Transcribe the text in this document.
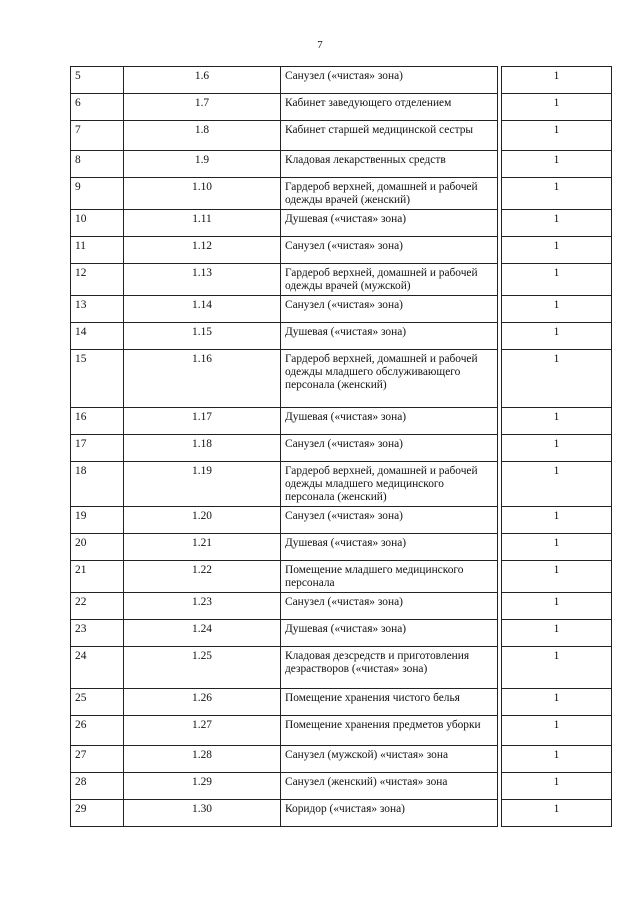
7
5	1.6	Санузел («чистая» зона)		1
6	1.7	Кабинет заведующего отделением		1
7	1.8	Кабинет старшей медицинской сестры		1
8	1.9	Кладовая лекарственных средств		1
9	1.10	Гардероб верхней, домашней и рабочей одежды врачей (женский)		1
10	1.11	Душевая («чистая» зона)		1
11	1.12	Санузел («чистая» зона)		1
12	1.13	Гардероб верхней, домашней и рабочей одежды врачей (мужской)		1
13	1.14	Санузел («чистая» зона)		1
14	1.15	Душевая («чистая» зона)		1
15	1.16	Гардероб верхней, домашней и рабочей одежды младшего обслуживающего персонала (женский)		1
16	1.17	Душевая («чистая» зона)		1
17	1.18	Санузел («чистая» зона)		1
18	1.19	Гардероб верхней, домашней и рабочей одежды младшего медицинского персонала (женский)		1
19	1.20	Санузел («чистая» зона)		1
20	1.21	Душевая («чистая» зона)		1
21	1.22	Помещение младшего медицинского персонала		1
22	1.23	Санузел («чистая» зона)		1
23	1.24	Душевая («чистая» зона)		1
24	1.25	Кладовая дезсредств и приготовления дезрастворов («чистая» зона)		1
25	1.26	Помещение хранения чистого белья		1
26	1.27	Помещение хранения предметов уборки		1
27	1.28	Санузел (мужской) «чистая» зона		1
28	1.29	Санузел (женский) «чистая» зона		1
29	1.30	Коридор («чистая» зона)		1
